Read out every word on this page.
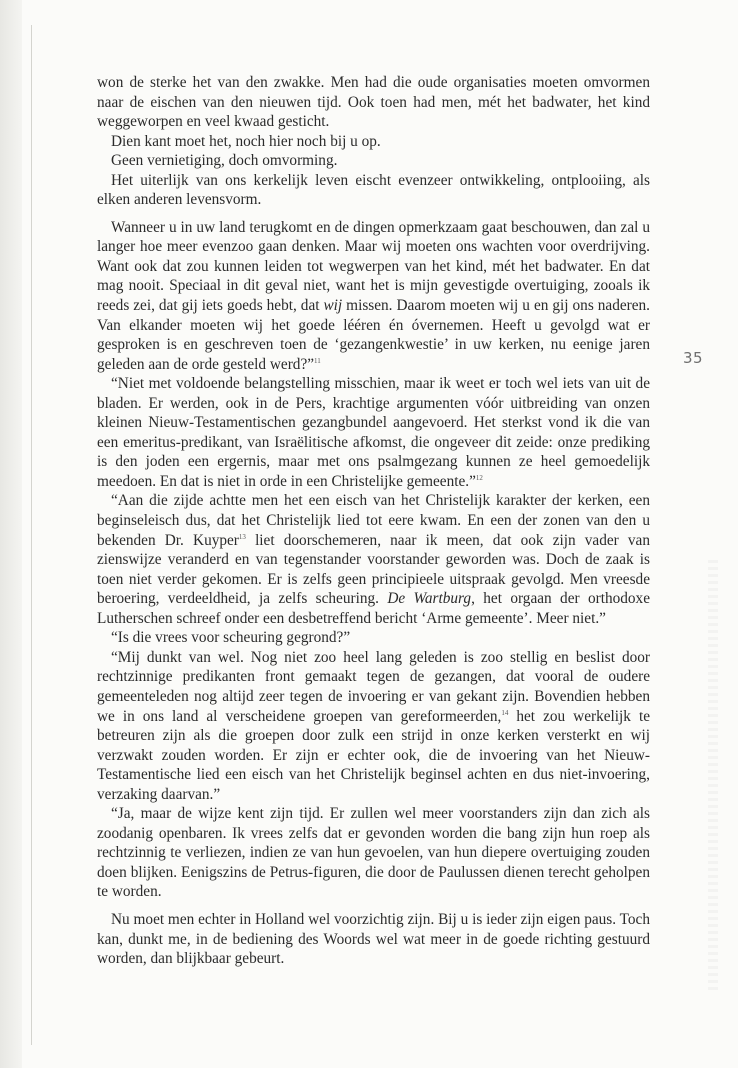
won de sterke het van den zwakke. Men had die oude organisaties moeten omvormen naar de eischen van den nieuwen tijd. Ook toen had men, mét het badwater, het kind weggeworpen en veel kwaad gesticht.

Dien kant moet het, noch hier noch bij u op.

Geen vernietiging, doch omvorming.

Het uiterlijk van ons kerkelijk leven eischt evenzeer ontwikkeling, ontplooiing, als elken anderen levensvorm.

Wanneer u in uw land terugkomt en de dingen opmerkzaam gaat beschouwen, dan zal u langer hoe meer evenzoo gaan denken. Maar wij moeten ons wachten voor overdrijving. Want ook dat zou kunnen leiden tot wegwerpen van het kind, mét het badwater. En dat mag nooit. Speciaal in dit geval niet, want het is mijn gevestigde overtuiging, zooals ik reeds zei, dat gij iets goeds hebt, dat wij missen. Daarom moeten wij u en gij ons naderen. Van elkander moeten wij het goede lééren én óvernemen. Heeft u gevolgd wat er gesproken is en geschreven toen de ‘gezangenkwestie’ in uw kerken, nu eenige jaren geleden aan de orde gesteld werd?”$^{11}$

“Niet met voldoende belangstelling misschien, maar ik weet er toch wel iets van uit de bladen. Er werden, ook in de Pers, krachtige argumenten vóór uitbreiding van onzen kleinen Nieuw-Testamentischen gezangbundel aangevoerd. Het sterkst vond ik die van een emeritus-predikant, van Israëlitische afkomst, die ongeveer dit zeide: onze prediking is den joden een ergernis, maar met ons psalmgezang kunnen ze heel gemoedelijk meedoen. En dat is niet in orde in een Christelijke gemeente.”$^{12}$

“Aan die zijde achtte men het een eisch van het Christelijk karakter der kerken, een beginseleisch dus, dat het Christelijk lied tot eere kwam. En een der zonen van den u bekenden Dr. Kuyper$^{13}$ liet doorschemeren, naar ik meen, dat ook zijn vader van zienswijze veranderd en van tegenstander voorstander geworden was. Doch de zaak is toen niet verder gekomen. Er is zelfs geen principieele uitspraak gevolgd. Men vreesde beroering, verdeeldheid, ja zelfs scheuring. De Wartburg, het orgaan der orthodoxe Lutherschen schreef onder een desbetreffend bericht ‘Arme gemeente’. Meer niet.”

“Is die vrees voor scheuring gegrond?”

“Mij dunkt van wel. Nog niet zoo heel lang geleden is zoo stellig en beslist door rechtzinnige predikanten front gemaakt tegen de gezangen, dat vooral de oudere gemeenteleden nog altijd zeer tegen de invoering er van gekant zijn. Bovendien hebben we in ons land al verscheidene groepen van gereformeerden,$^{14}$ het zou werkelijk te betreuren zijn als die groepen door zulk een strijd in onze kerken versterkt en wij verzwakt zouden worden. Er zijn er echter ook, die de invoering van het Nieuw-Testamentische lied een eisch van het Christelijk beginsel achten en dus niet-invoering, verzaking daarvan.”

“Ja, maar de wijze kent zijn tijd. Er zullen wel meer voorstanders zijn dan zich als zoodanig openbaren. Ik vrees zelfs dat er gevonden worden die bang zijn hun roep als rechtzinnig te verliezen, indien ze van hun gevoelen, van hun diepere overtuiging zouden doen blijken. Eenigszins de Petrus-figuren, die door de Paulussen dienen terecht geholpen te worden.

Nu moet men echter in Holland wel voorzichtig zijn. Bij u is ieder zijn eigen paus. Toch kan, dunkt me, in de bediening des Woords wel wat meer in de goede richting gestuurd worden, dan blijkbaar gebeurt.

35
